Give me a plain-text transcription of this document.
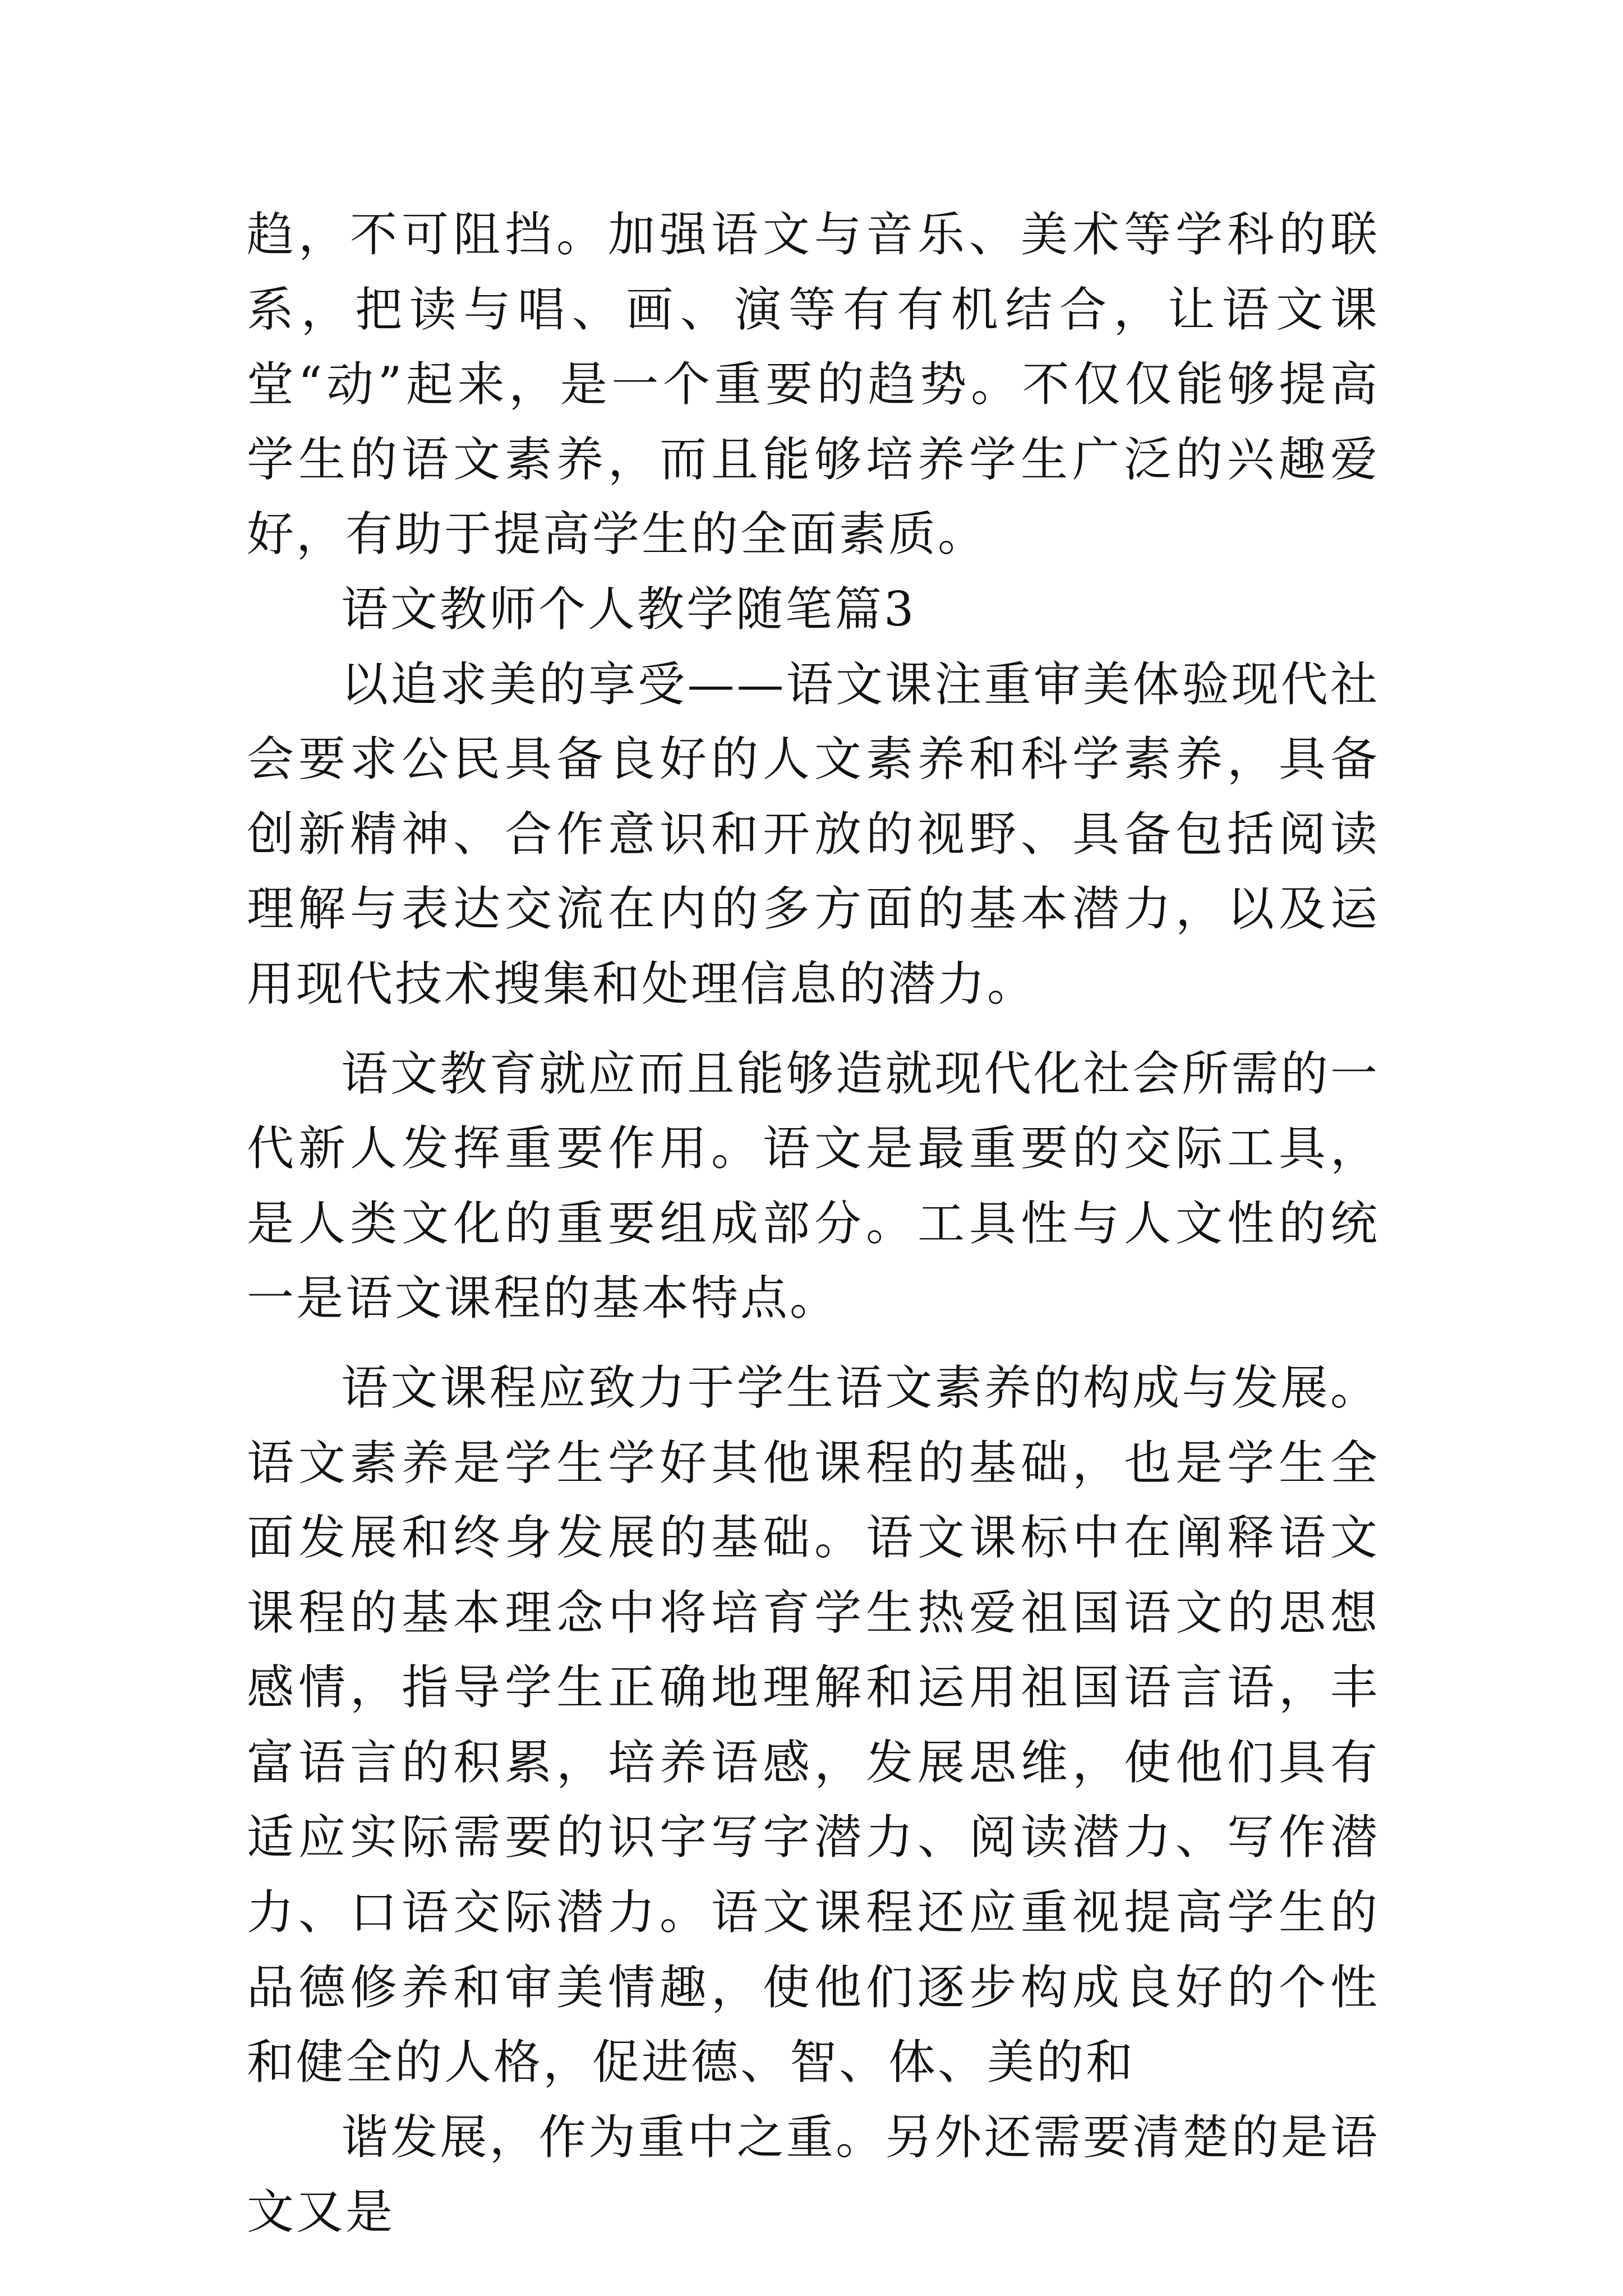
趋，不可阻挡。加强语文与音乐、美术等学科的联系，把读与唱、画、演等有有机结合，让语文课堂“动”起来，是一个重要的趋势。不仅仅能够提高学生的语文素养，而且能够培养学生广泛的兴趣爱好，有助于提高学生的全面素质。

语文教师个人教学随笔篇3

以追求美的享受——语文课注重审美体验现代社会要求公民具备良好的人文素养和科学素养，具备创新精神、合作意识和开放的视野、具备包括阅读理解与表达交流在内的多方面的基本潜力，以及运用现代技术搜集和处理信息的潜力。

语文教育就应而且能够造就现代化社会所需的一代新人发挥重要作用。语文是最重要的交际工具，是人类文化的重要组成部分。工具性与人文性的统一是语文课程的基本特点。

语文课程应致力于学生语文素养的构成与发展。语文素养是学生学好其他课程的基础，也是学生全面发展和终身发展的基础。语文课标中在阐释语文课程的基本理念中将培育学生热爱祖国语文的思想感情，指导学生正确地理解和运用祖国语言语，丰富语言的积累，培养语感，发展思维，使他们具有适应实际需要的识字写字潜力、阅读潜力、写作潜力、口语交际潜力。语文课程还应重视提高学生的品德修养和审美情趣，使他们逐步构成良好的个性和健全的人格，促进德、智、体、美的和

谐发展，作为重中之重。另外还需要清楚的是语文又是
